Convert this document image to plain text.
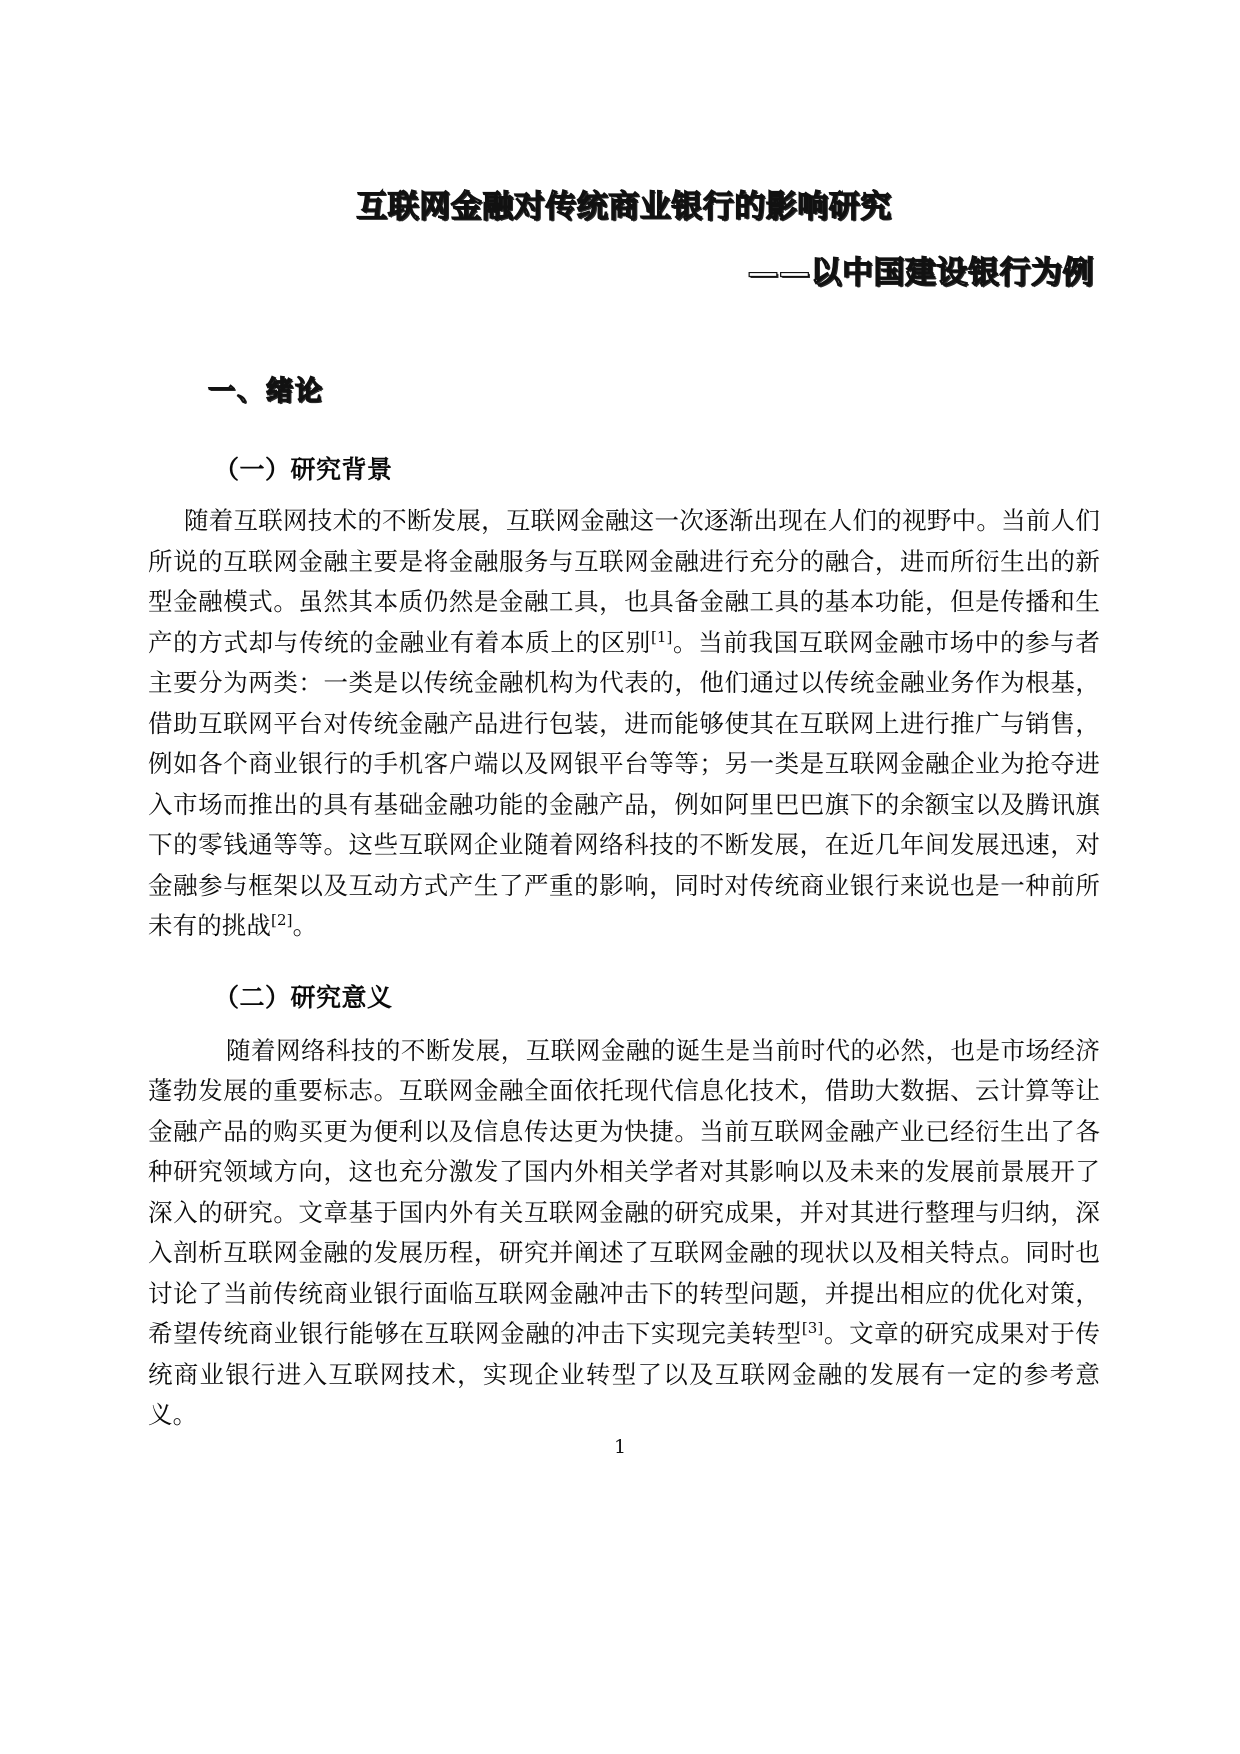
互联网金融对传统商业银行的影响研究
——以中国建设银行为例
一、绪论
（一）研究背景

随着互联网技术的不断发展，互联网金融这一次逐渐出现在人们的视野中。当前人们所说的互联网金融主要是将金融服务与互联网金融进行充分的融合，进而所衍生出的新型金融模式。虽然其本质仍然是金融工具，也具备金融工具的基本功能，但是传播和生产的方式却与传统的金融业有着本质上的区别[1]。当前我国互联网金融市场中的参与者主要分为两类：一类是以传统金融机构为代表的，他们通过以传统金融业务作为根基，借助互联网平台对传统金融产品进行包装，进而能够使其在互联网上进行推广与销售，例如各个商业银行的手机客户端以及网银平台等等；另一类是互联网金融企业为抢夺进入市场而推出的具有基础金融功能的金融产品，例如阿里巴巴旗下的余额宝以及腾讯旗下的零钱通等等。这些互联网企业随着网络科技的不断发展，在近几年间发展迅速，对金融参与框架以及互动方式产生了严重的影响，同时对传统商业银行来说也是一种前所未有的挑战[2]。

（二）研究意义

随着网络科技的不断发展，互联网金融的诞生是当前时代的必然，也是市场经济蓬勃发展的重要标志。互联网金融全面依托现代信息化技术，借助大数据、云计算等让金融产品的购买更为便利以及信息传达更为快捷。当前互联网金融产业已经衍生出了各种研究领域方向，这也充分激发了国内外相关学者对其影响以及未来的发展前景展开了深入的研究。文章基于国内外有关互联网金融的研究成果，并对其进行整理与归纳，深入剖析互联网金融的发展历程，研究并阐述了互联网金融的现状以及相关特点。同时也讨论了当前传统商业银行面临互联网金融冲击下的转型问题，并提出相应的优化对策，希望传统商业银行能够在互联网金融的冲击下实现完美转型[3]。文章的研究成果对于传统商业银行进入互联网技术，实现企业转型了以及互联网金融的发展有一定的参考意义。

1
